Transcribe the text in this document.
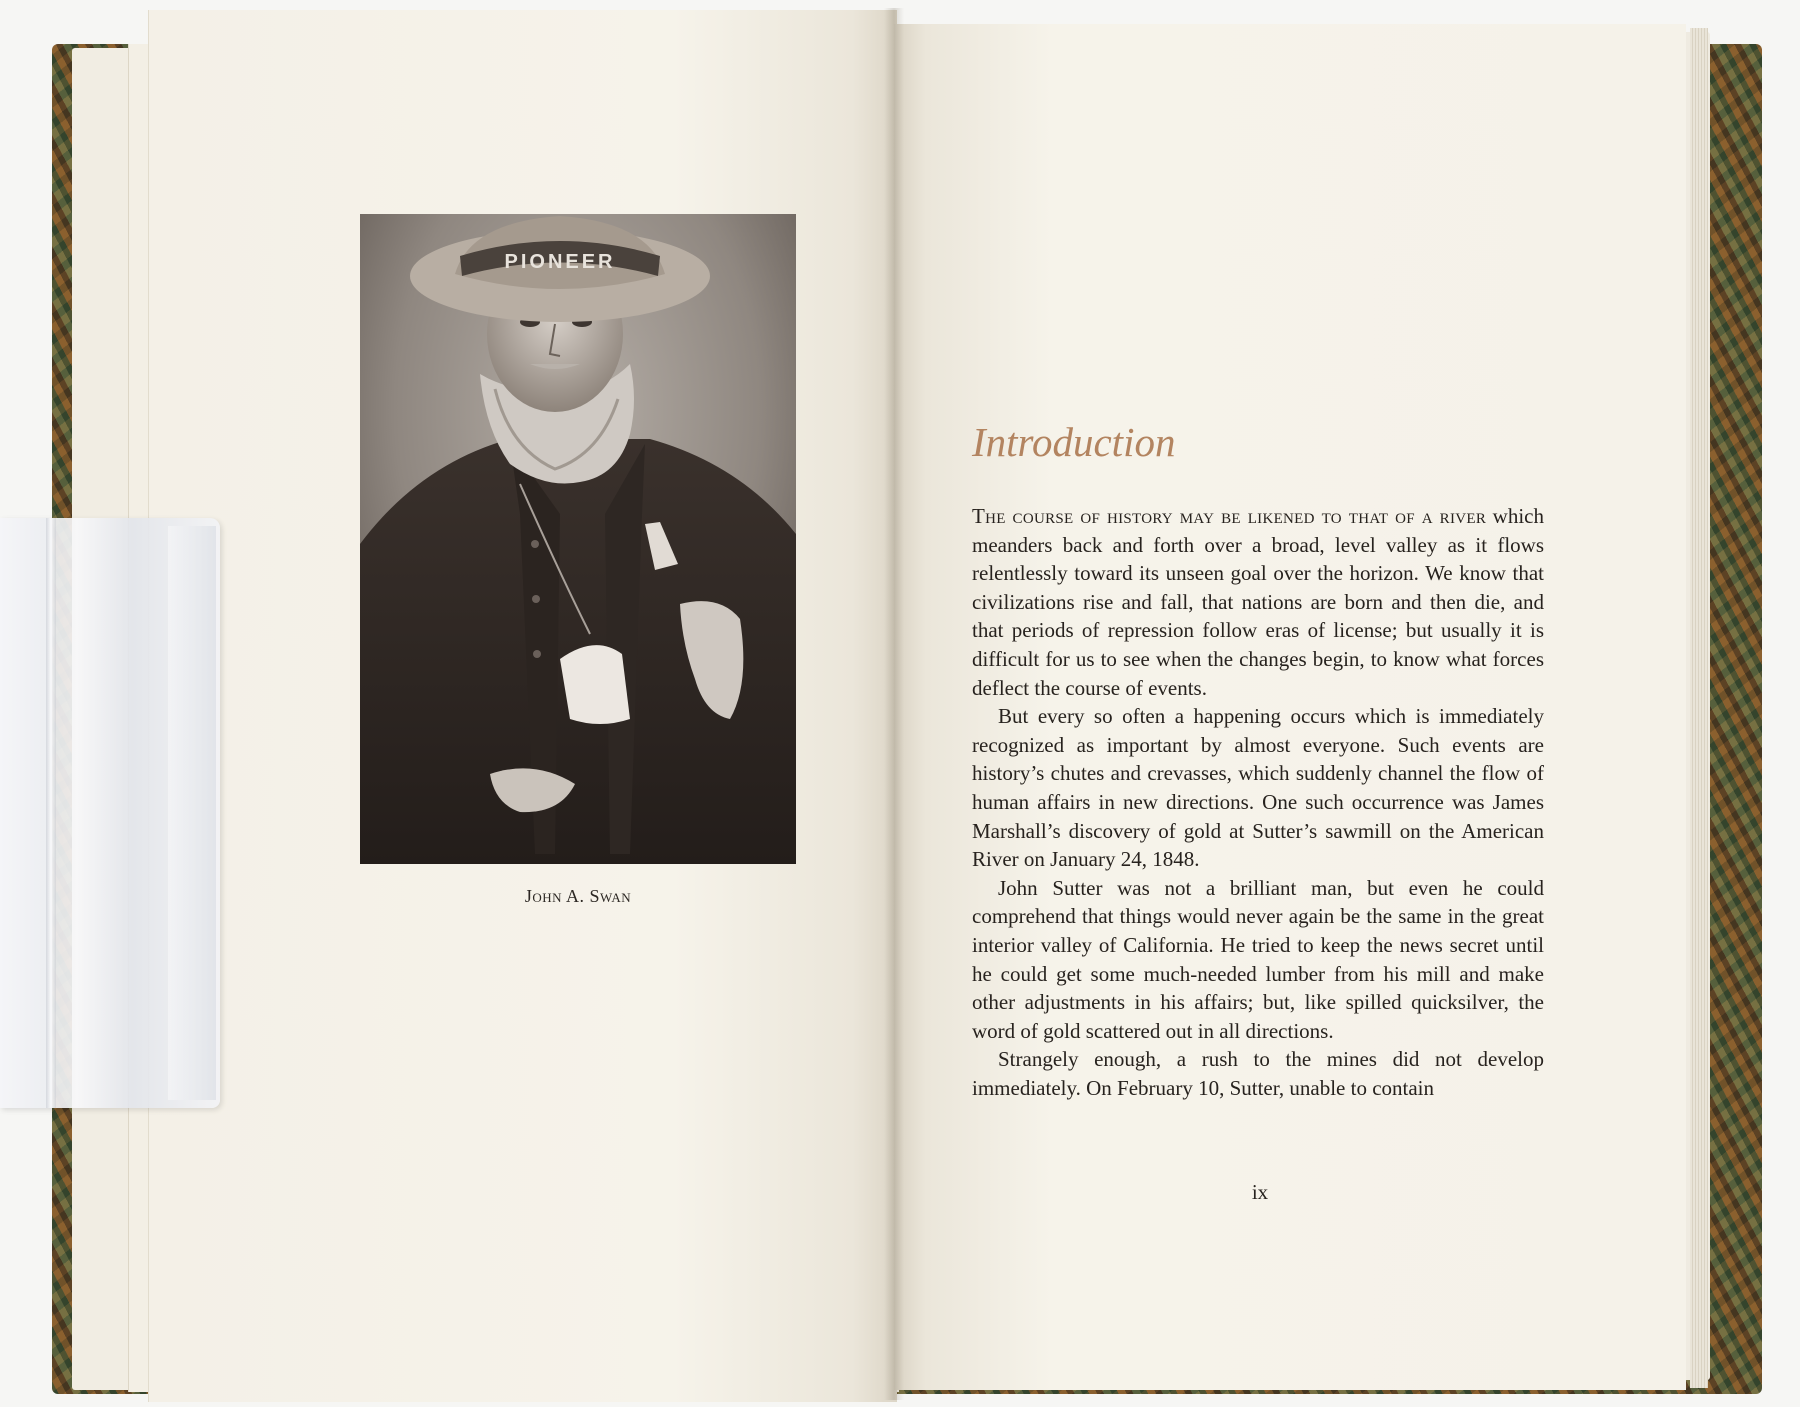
PIONEER
John A. Swan
Introduction

The course of history may be likened to that of a river which meanders back and forth over a broad, level valley as it flows relentlessly toward its unseen goal over the horizon. We know that civilizations rise and fall, that nations are born and then die, and that periods of repression follow eras of license; but usually it is difficult for us to see when the changes begin, to know what forces deflect the course of events.

But every so often a happening occurs which is immediately recognized as important by almost everyone. Such events are history’s chutes and crevasses, which suddenly channel the flow of human affairs in new directions. One such occurrence was James Marshall’s discovery of gold at Sutter’s sawmill on the American River on January 24, 1848.

John Sutter was not a brilliant man, but even he could comprehend that things would never again be the same in the great interior valley of California. He tried to keep the news secret until he could get some much-needed lumber from his mill and make other adjustments in his affairs; but, like spilled quicksilver, the word of gold scattered out in all directions.

Strangely enough, a rush to the mines did not develop immediately. On February 10, Sutter, unable to contain

ix
